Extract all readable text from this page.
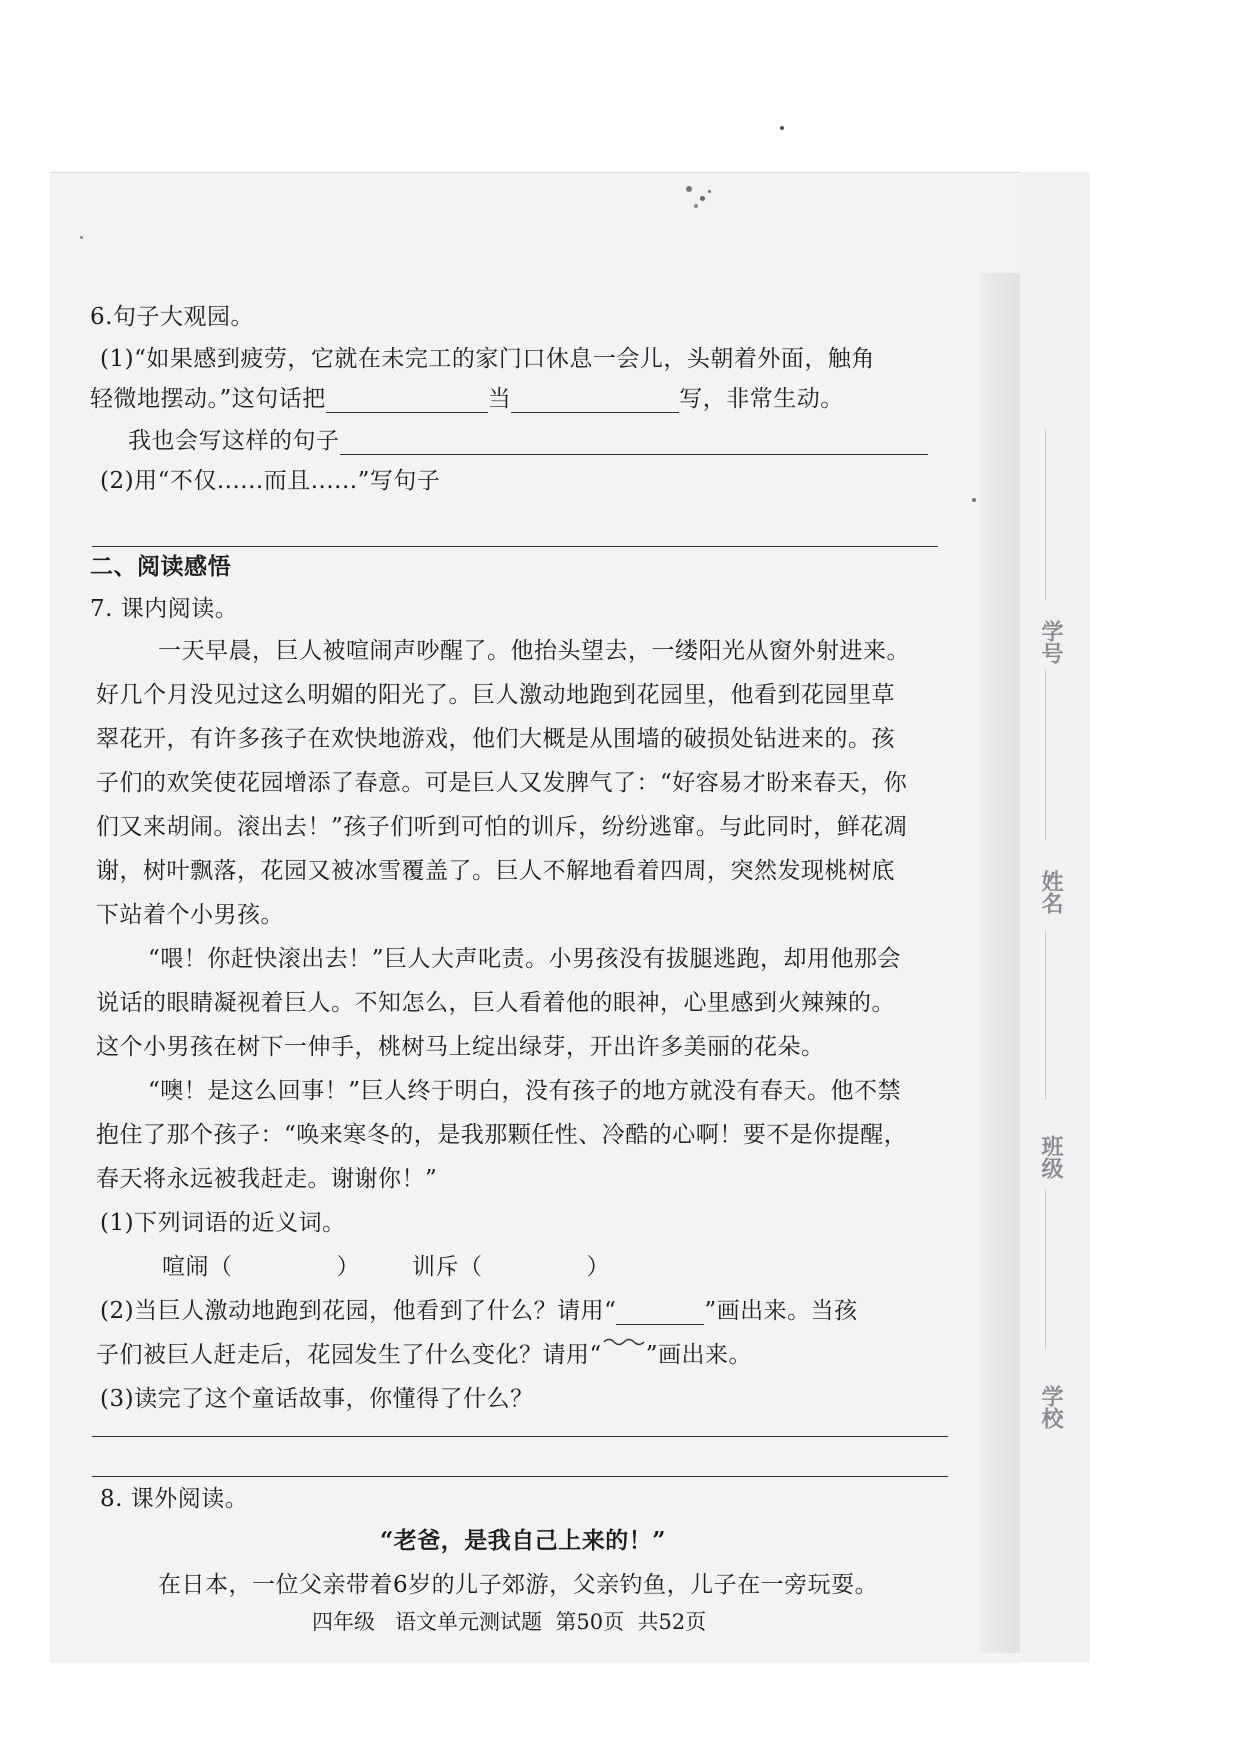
学号
姓名
班级
学校
6.句子大观园。
(1)“如果感到疲劳，它就在未完工的家门口休息一会儿，头朝着外面，触角
轻微地摆动。”这句话把	当	写，非常生动。
我也会写这样的句子
(2)用“不仅......而且......”写句子
二、阅读感悟
7. 课内阅读。
一天早晨，巨人被喧闹声吵醒了。他抬头望去，一缕阳光从窗外射进来。
好几个月没见过这么明媚的阳光了。巨人激动地跑到花园里，他看到花园里草
翠花开，有许多孩子在欢快地游戏，他们大概是从围墙的破损处钻进来的。孩
子们的欢笑使花园增添了春意。可是巨人又发脾气了：“好容易才盼来春天，你
们又来胡闹。滚出去！”孩子们听到可怕的训斥，纷纷逃窜。与此同时，鲜花凋
谢，树叶飘落，花园又被冰雪覆盖了。巨人不解地看着四周，突然发现桃树底
下站着个小男孩。
“喂！你赶快滚出去！”巨人大声叱责。小男孩没有拔腿逃跑，却用他那会
说话的眼睛凝视着巨人。不知怎么，巨人看着他的眼神，心里感到火辣辣的。
这个小男孩在树下一伸手，桃树马上绽出绿芽，开出许多美丽的花朵。
“噢！是这么回事！”巨人终于明白，没有孩子的地方就没有春天。他不禁
抱住了那个孩子：“唤来寒冬的，是我那颗任性、冷酷的心啊！要不是你提醒，
春天将永远被我赶走。谢谢你！”
(1)下列词语的近义词。
喧闹（	） 训斥（	）
(2)当巨人激动地跑到花园，他看到了什么？请用“	”画出来。当孩
子们被巨人赶走后，花园发生了什么变化？请用“ ”画出来。
(3)读完了这个童话故事，你懂得了什么？
8. 课外阅读。
“老爸，是我自己上来的！”
在日本，一位父亲带着6岁的儿子郊游，父亲钓鱼，儿子在一旁玩耍。
四年级 语文单元测试题 第50页 共52页
